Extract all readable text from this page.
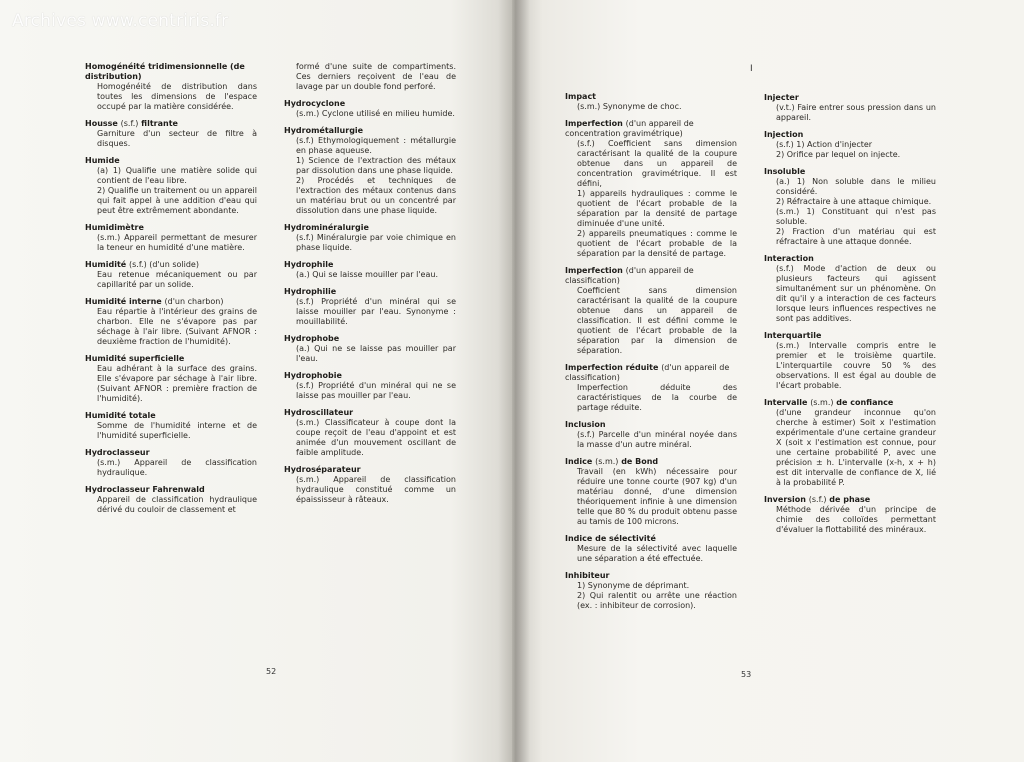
Homogénéité tridimensionnelle (de distribution)
Homogénéité de distribution dans toutes les dimensions de l'espace occupé par la matière considérée.
Housse (s.f.) filtrante
Garniture d'un secteur de filtre à disques.
Humide
(a) 1) Qualifie une matière solide qui contient de l'eau libre.
2) Qualifie un traitement ou un appareil qui fait appel à une addition d'eau qui peut être extrêmement abondante.
Humidimètre
(s.m.) Appareil permettant de mesurer la teneur en humidité d'une matière.
Humidité (s.f.) (d'un solide)
Eau retenue mécaniquement ou par capillarité par un solide.
Humidité interne (d'un charbon)
Eau répartie à l'intérieur des grains de charbon. Elle ne s'évapore pas par séchage à l'air libre. (Suivant AFNOR : deuxième fraction de l'humidité).
Humidité superficielle
Eau adhérant à la surface des grains. Elle s'évapore par séchage à l'air libre. (Suivant AFNOR : première fraction de l'humidité).
Humidité totale
Somme de l'humidité interne et de l'humidité superficielle.
Hydroclasseur
(s.m.) Appareil de classification hydraulique.
Hydroclasseur Fahrenwald
Appareil de classification hydraulique dérivé du couloir de classement et
formé d'une suite de compartiments. Ces derniers reçoivent de l'eau de lavage par un double fond perforé.
Hydrocyclone
(s.m.) Cyclone utilisé en milieu humide.
Hydrométallurgie
(s.f.) Ethymologiquement : métallurgie en phase aqueuse.
1) Science de l'extraction des métaux par dissolution dans une phase liquide.
2) Procédés et techniques de l'extraction des métaux contenus dans un matériau brut ou un concentré par dissolution dans une phase liquide.
Hydrominéralurgie
(s.f.) Minéralurgie par voie chimique en phase liquide.
Hydrophile
(a.) Qui se laisse mouiller par l'eau.
Hydrophilie
(s.f.) Propriété d'un minéral qui se laisse mouiller par l'eau. Synonyme : mouillabilité.
Hydrophobe
(a.) Qui ne se laisse pas mouiller par l'eau.
Hydrophobie
(s.f.) Propriété d'un minéral qui ne se laisse pas mouiller par l'eau.
Hydroscillateur
(s.m.) Classificateur à coupe dont la coupe reçoit de l'eau d'appoint et est animée d'un mouvement oscillant de faible amplitude.
Hydroséparateur
(s.m.) Appareil de classification hydraulique constitué comme un épaississeur à râteaux.
52
I
Impact
(s.m.) Synonyme de choc.
Imperfection (d'un appareil de concentration gravimétrique)
(s.f.) Coefficient sans dimension caractérisant la qualité de la coupure obtenue dans un appareil de concentration gravimétrique. Il est défini,
1) appareils hydrauliques : comme le quotient de l'écart probable de la séparation par la densité de partage diminuée d'une unité.
2) appareils pneumatiques : comme le quotient de l'écart probable de la séparation par la densité de partage.
Imperfection (d'un appareil de classification)
Coefficient sans dimension caractérisant la qualité de la coupure obtenue dans un appareil de classification. Il est défini comme le quotient de l'écart probable de la séparation par la dimension de séparation.
Imperfection réduite (d'un appareil de classification)
Imperfection déduite des caractéristiques de la courbe de partage réduite.
Inclusion
(s.f.) Parcelle d'un minéral noyée dans la masse d'un autre minéral.
Indice (s.m.) de Bond
Travail (en kWh) nécessaire pour réduire une tonne courte (907 kg) d'un matériau donné, d'une dimension théoriquement infinie à une dimension telle que 80 % du produit obtenu passe au tamis de 100 microns.
Indice de sélectivité
Mesure de la sélectivité avec laquelle une séparation a été effectuée.
Inhibiteur
1) Synonyme de déprimant.
2) Qui ralentit ou arrête une réaction (ex. : inhibiteur de corrosion).
Injecter
(v.t.) Faire entrer sous pression dans un appareil.
Injection
(s.f.) 1) Action d'injecter
2) Orifice par lequel on injecte.
Insoluble
(a.) 1) Non soluble dans le milieu considéré.
2) Réfractaire à une attaque chimique.
(s.m.) 1) Constituant qui n'est pas soluble.
2) Fraction d'un matériau qui est réfractaire à une attaque donnée.
Interaction
(s.f.) Mode d'action de deux ou plusieurs facteurs qui agissent simultanément sur un phénomène. On dit qu'il y a interaction de ces facteurs lorsque leurs influences respectives ne sont pas additives.
Interquartile
(s.m.) Intervalle compris entre le premier et le troisième quartile. L'interquartile couvre 50 % des observations. Il est égal au double de l'écart probable.
Intervalle (s.m.) de confiance
(d'une grandeur inconnue qu'on cherche à estimer) Soit x l'estimation expérimentale d'une certaine grandeur X (soit x l'estimation est connue, pour une certaine probabilité P, avec une précision ± h. L'intervalle (x-h, x + h) est dit intervalle de confiance de X, lié à la probabilité P.
Inversion (s.f.) de phase
Méthode dérivée d'un principe de chimie des colloïdes permettant d'évaluer la flottabilité des minéraux.
53
Archives www.centriris.fr
